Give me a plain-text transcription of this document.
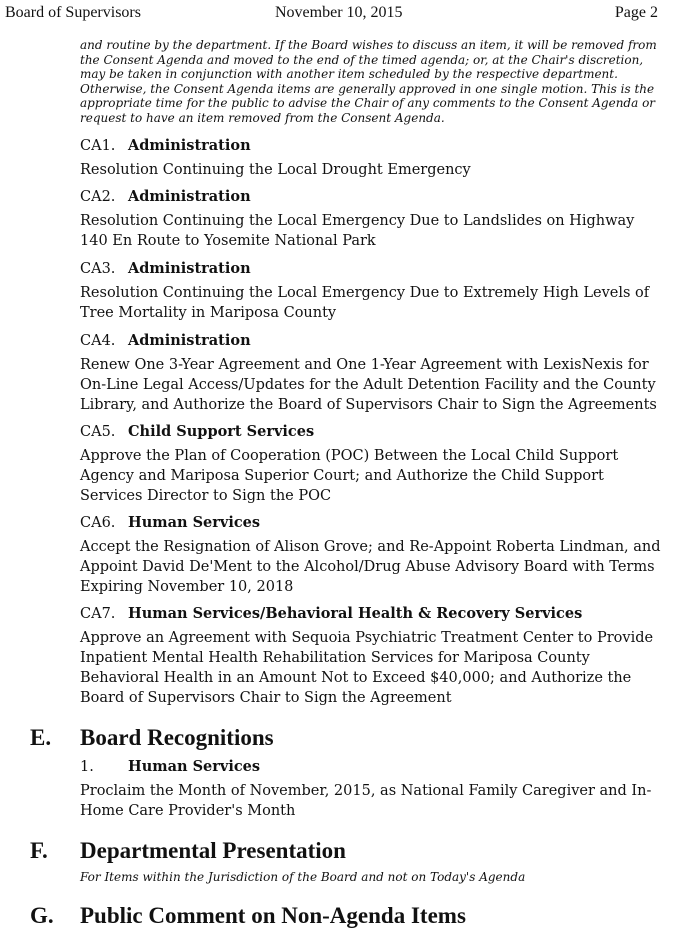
Board of Supervisors	November 10, 2015	Page 2

and routine by the department. If the Board wishes to discuss an item, it will be removed from the Consent Agenda and moved to the end of the timed agenda; or, at the Chair's discretion, may be taken in conjunction with another item scheduled by the respective department. Otherwise, the Consent Agenda items are generally approved in one single motion. This is the appropriate time for the public to advise the Chair of any comments to the Consent Agenda or request to have an item removed from the Consent Agenda.

CA1. Administration

Resolution Continuing the Local Drought Emergency

CA2. Administration

Resolution Continuing the Local Emergency Due to Landslides on Highway 140 En Route to Yosemite National Park

CA3. Administration

Resolution Continuing the Local Emergency Due to Extremely High Levels of Tree Mortality in Mariposa County

CA4. Administration

Renew One 3-Year Agreement and One 1-Year Agreement with LexisNexis for On-Line Legal Access/Updates for the Adult Detention Facility and the County Library, and Authorize the Board of Supervisors Chair to Sign the Agreements

CA5. Child Support Services

Approve the Plan of Cooperation (POC) Between the Local Child Support Agency and Mariposa Superior Court; and Authorize the Child Support Services Director to Sign the POC

CA6. Human Services

Accept the Resignation of Alison Grove; and Re-Appoint Roberta Lindman, and Appoint David De'Ment to the Alcohol/Drug Abuse Advisory Board with Terms Expiring November 10, 2018

CA7. Human Services/Behavioral Health & Recovery Services

Approve an Agreement with Sequoia Psychiatric Treatment Center to Provide Inpatient Mental Health Rehabilitation Services for Mariposa County Behavioral Health in an Amount Not to Exceed $40,000; and Authorize the Board of Supervisors Chair to Sign the Agreement

E. Board Recognitions
1. Human Services

Proclaim the Month of November, 2015, as National Family Caregiver and In-Home Care Provider's Month

F. Departmental Presentation
For Items within the Jurisdiction of the Board and not on Today's Agenda
G. Public Comment on Non-Agenda Items
